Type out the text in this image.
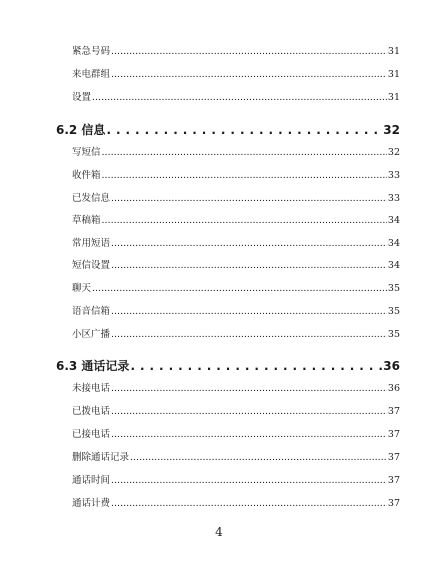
紧急号码 .....	31
来电群组 .....	31
设置 .....	31
6.2 信息 . . .	32
写短信 .....	32
收件箱 .....	33
已发信息 .....	33
草稿箱 .....	34
常用短语 .....	34
短信设置 .....	34
聊天 .....	35
语音信箱 .....	35
小区广播 .....	35
6.3 通话记录 . . .	36
未接电话 .....	36
已拨电话 .....	37
已接电话 .....	37
删除通话记录 .....	37
通话时间 .....	37
通话计费 .....	37
4
